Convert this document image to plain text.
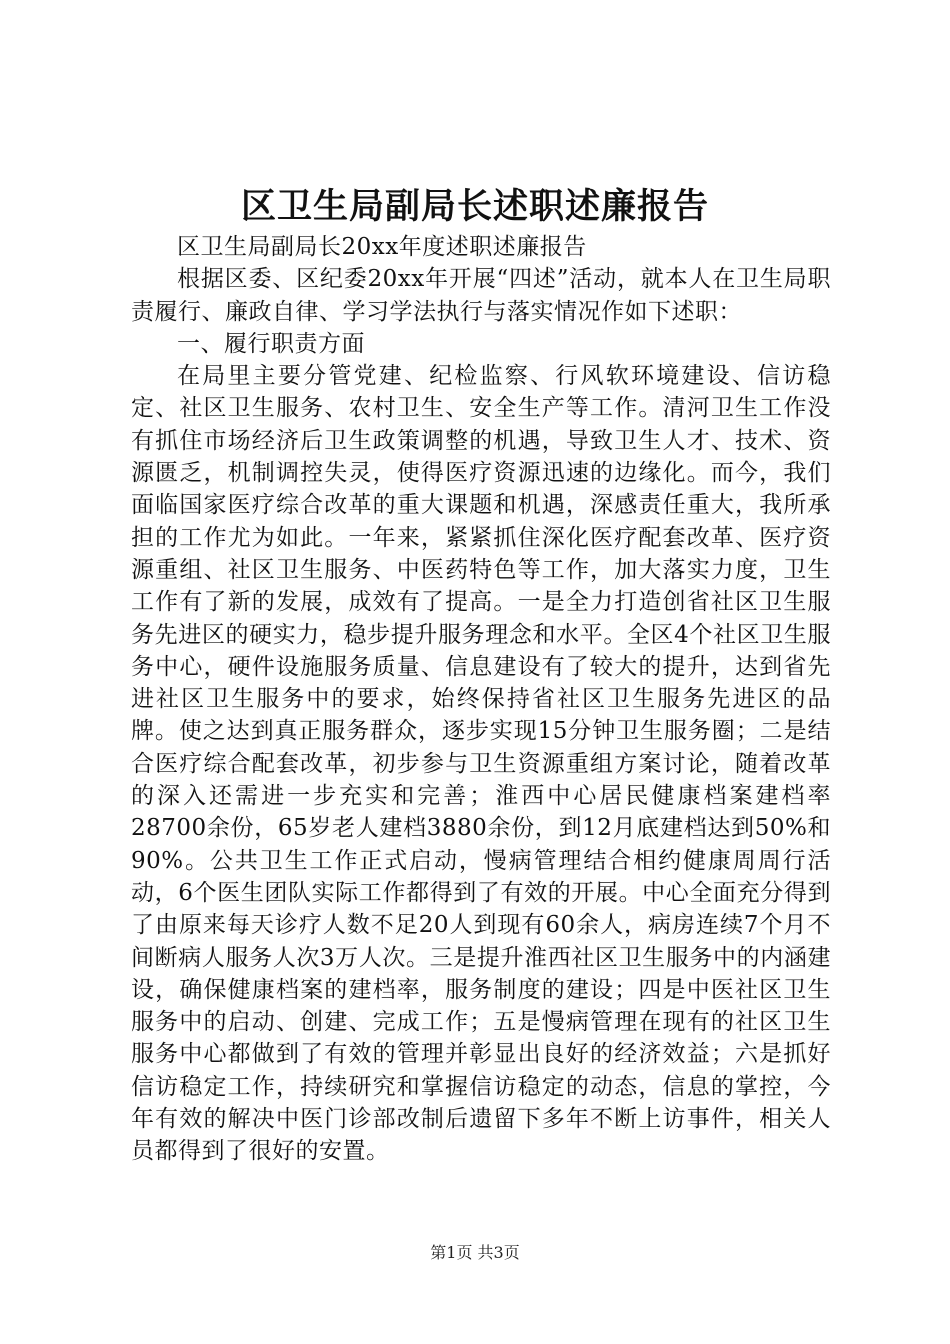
区卫生局副局长述职述廉报告

区卫生局副局长20xx年度述职述廉报告

根据区委、区纪委20xx年开展“四述”活动，就本人在卫生局职责履行、廉政自律、学习学法执行与落实情况作如下述职：

一、履行职责方面

在局里主要分管党建、纪检监察、行风软环境建设、信访稳定、社区卫生服务、农村卫生、安全生产等工作。清河卫生工作没有抓住市场经济后卫生政策调整的机遇，导致卫生人才、技术、资源匮乏，机制调控失灵，使得医疗资源迅速的边缘化。而今，我们面临国家医疗综合改革的重大课题和机遇，深感责任重大，我所承担的工作尤为如此。一年来，紧紧抓住深化医疗配套改革、医疗资源重组、社区卫生服务、中医药特色等工作，加大落实力度，卫生工作有了新的发展，成效有了提高。一是全力打造创省社区卫生服务先进区的硬实力，稳步提升服务理念和水平。全区4个社区卫生服务中心，硬件设施服务质量、信息建设有了较大的提升，达到省先进社区卫生服务中的要求，始终保持省社区卫生服务先进区的品牌。使之达到真正服务群众，逐步实现15分钟卫生服务圈；二是结合医疗综合配套改革，初步参与卫生资源重组方案讨论，随着改革的深入还需进一步充实和完善；淮西中心居民健康档案建档率28700余份，65岁老人建档3880余份，到12月底建档达到50%和90%。公共卫生工作正式启动，慢病管理结合相约健康周周行活动，6个医生团队实际工作都得到了有效的开展。中心全面充分得到了由原来每天诊疗人数不足20人到现有60余人，病房连续7个月不间断病人服务人次3万人次。三是提升淮西社区卫生服务中的内涵建设，确保健康档案的建档率，服务制度的建设；四是中医社区卫生服务中的启动、创建、完成工作；五是慢病管理在现有的社区卫生服务中心都做到了有效的管理并彰显出良好的经济效益；六是抓好信访稳定工作，持续研究和掌握信访稳定的动态，信息的掌控，今年有效的解决中医门诊部改制后遗留下多年不断上访事件，相关人员都得到了很好的安置。

第1页 共3页
